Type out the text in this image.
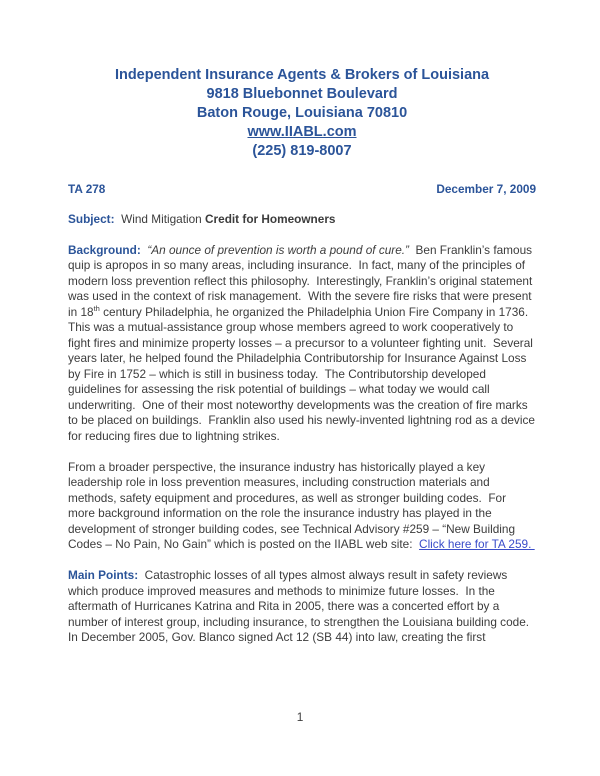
Independent Insurance Agents & Brokers of Louisiana
9818 Bluebonnet Boulevard
Baton Rouge, Louisiana 70810
www.IIABL.com
(225) 819-8007
TA 278	December 7, 2009

Subject:  Wind Mitigation Credit for Homeowners

Background:  “An ounce of prevention is worth a pound of cure.”  Ben Franklin’s famous quip is apropos in so many areas, including insurance.  In fact, many of the principles of modern loss prevention reflect this philosophy.  Interestingly, Franklin’s original statement was used in the context of risk management.  With the severe fire risks that were present in 18th century Philadelphia, he organized the Philadelphia Union Fire Company in 1736.  This was a mutual-assistance group whose members agreed to work cooperatively to fight fires and minimize property losses – a precursor to a volunteer fighting unit.  Several years later, he helped found the Philadelphia Contributorship for Insurance Against Loss by Fire in 1752 – which is still in business today.  The Contributorship developed guidelines for assessing the risk potential of buildings – what today we would call underwriting.  One of their most noteworthy developments was the creation of fire marks to be placed on buildings.  Franklin also used his newly-invented lightning rod as a device for reducing fires due to lightning strikes.

From a broader perspective, the insurance industry has historically played a key leadership role in loss prevention measures, including construction materials and methods, safety equipment and procedures, as well as stronger building codes.  For more background information on the role the insurance industry has played in the development of stronger building codes, see Technical Advisory #259 – “New Building Codes – No Pain, No Gain” which is posted on the IIABL web site:  Click here for TA 259.

Main Points:  Catastrophic losses of all types almost always result in safety reviews which produce improved measures and methods to minimize future losses.  In the aftermath of Hurricanes Katrina and Rita in 2005, there was a concerted effort by a number of interest group, including insurance, to strengthen the Louisiana building code.  In December 2005, Gov. Blanco signed Act 12 (SB 44) into law, creating the first

1
